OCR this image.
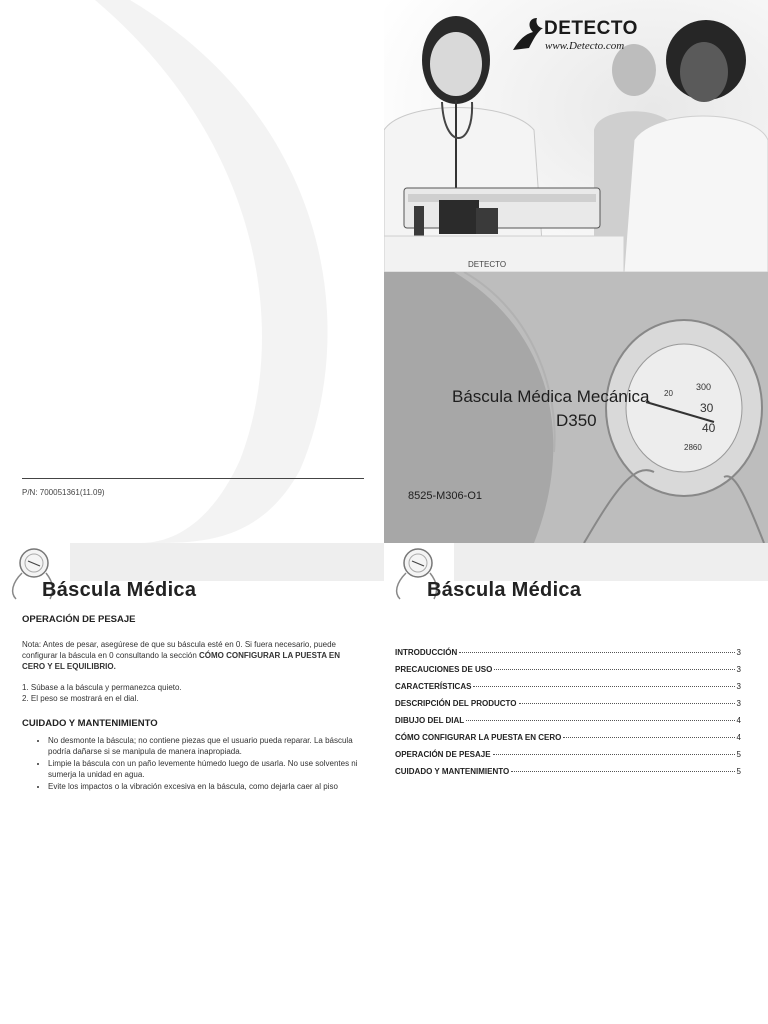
P/N: 700051361(11.09)
DETECTO
DETECTO
www.Detecto.com
300
30
40
2860
20
Báscula Médica Mecánica
D350
8525-M306-O1
Báscula Médica
OPERACIÓN DE PESAJE

Nota: Antes de pesar, asegúrese de que su báscula esté en 0. Si fuera necesario, puede configurar la báscula en 0 consultando la sección CÓMO CONFIGURAR LA PUESTA EN CERO Y EL EQUILIBRIO.

1. Súbase a la báscula y permanezca quieto.
2. El peso se mostrará en el dial.
CUIDADO Y MANTENIMIENTO
• No desmonte la báscula; no contiene piezas que el usuario pueda reparar. La báscula podría dañarse si se manipula de manera inapropiada.
• Limpie la báscula con un paño levemente húmedo luego de usarla. No use solventes ni sumerja la unidad en agua.
• Evite los impactos o la vibración excesiva en la báscula, como dejarla caer al piso
Báscula Médica
INTRODUCCIÓN	3
PRECAUCIONES DE USO	3
CARACTERÍSTICAS	3
DESCRIPCIÓN DEL PRODUCTO	3
DIBUJO DEL DIAL	4
CÓMO CONFIGURAR LA PUESTA EN CERO	4
OPERACIÓN DE PESAJE	5
CUIDADO Y MANTENIMIENTO	5
